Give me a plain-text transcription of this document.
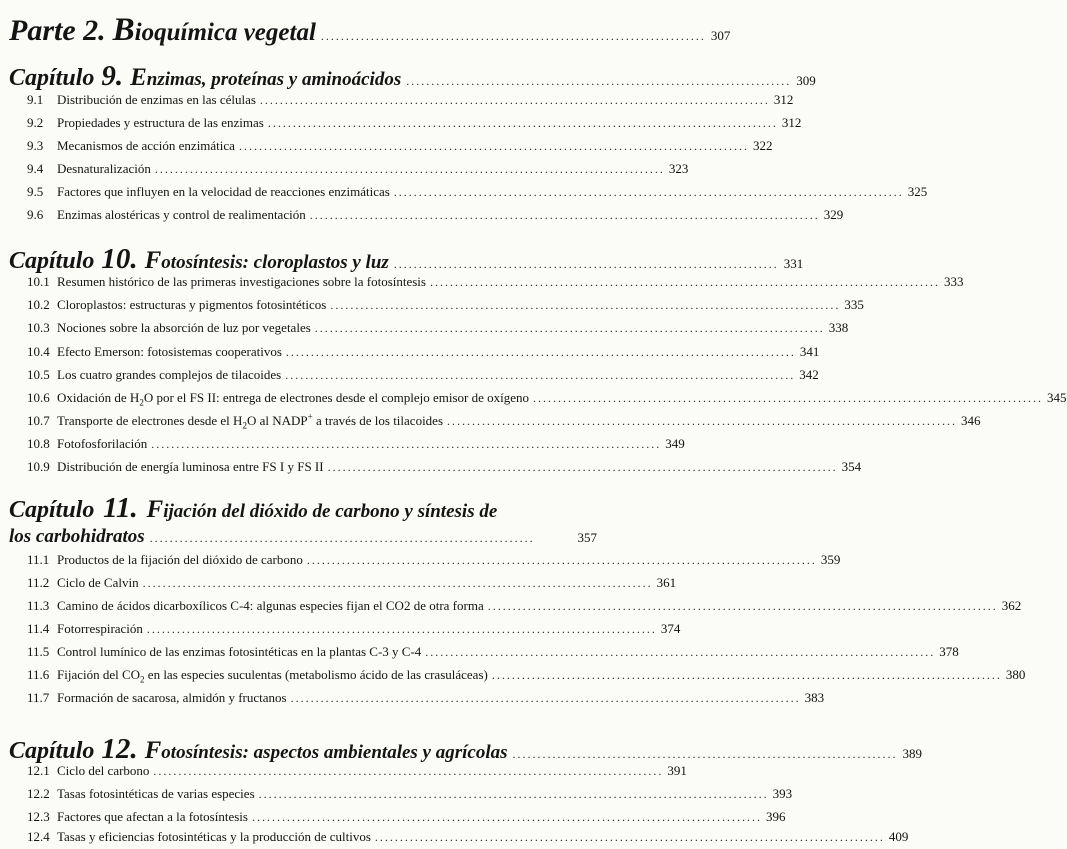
Parte 2. B ioquímica vegetal ............................................................................. 307
Capítulo 9. Enzimas, proteínas y aminoácidos ............................................................................. 309
9.1	Distribución de enzimas en las células ...................................................................................................... 312
9.2	Propiedades y estructura de las enzimas ...................................................................................................... 312
9.3	Mecanismos de acción enzimática ...................................................................................................... 322
9.4	Desnaturalización ...................................................................................................... 323
9.5	Factores que influyen en la velocidad de reacciones enzimáticas ...................................................................................................... 325
9.6	Enzimas alostéricas y control de realimentación ...................................................................................................... 329
Capítulo 10. Fotosíntesis: cloroplastos y luz ............................................................................. 331
10.1 Resumen histórico de las primeras investigaciones sobre la fotosíntesis ...................................................................................................... 333
10.2 Cloroplastos: estructuras y pigmentos fotosintéticos ...................................................................................................... 335
10.3 Nociones sobre la absorción de luz por vegetales ...................................................................................................... 338
10.4 Efecto Emerson: fotosistemas cooperativos ...................................................................................................... 341
10.5 Los cuatro grandes complejos de tilacoides ...................................................................................................... 342
10.6 Oxidación de $H_2O$ por el FS II: entrega de electrones desde el complejo emisor de oxígeno ...................................................................................................... 345
10.7 Transporte de electrones desde el $H_2O$ al NADP+ a través de los tilacoides ...................................................................................................... 346
10.8 Fotofosforilación ...................................................................................................... 349
10.9 Distribución de energía luminosa entre FS I y FS II ...................................................................................................... 354
Capítulo 11. Fijación del dióxido de carbono y síntesis de
los carbohidratos .............................................................................	357
11.1 Productos de la fijación del dióxido de carbono ...................................................................................................... 359
11.2 Ciclo de Calvin ...................................................................................................... 361
11.3 Camino de ácidos dicarboxílicos C-4: algunas especies fijan el CO2 de otra forma ...................................................................................................... 362
11.4 Fotorrespiración ...................................................................................................... 374
11.5 Control lumínico de las enzimas fotosintéticas en la plantas C-3 y C-4 ...................................................................................................... 378
11.6 Fijación del $CO_2$ en las especies suculentas (metabolismo ácido de las crasuláceas) ...................................................................................................... 380
11.7 Formación de sacarosa, almidón y fructanos ...................................................................................................... 383
Capítulo 12. Fotosíntesis: aspectos ambientales y agrícolas ............................................................................. 389
12.1 Ciclo del carbono ...................................................................................................... 391
12.2 Tasas fotosintéticas de varias especies ...................................................................................................... 393
12.3 Factores que afectan a la fotosíntesis ...................................................................................................... 396
12.4 Tasas y eficiencias fotosintéticas y la producción de cultivos ...................................................................................................... 409
